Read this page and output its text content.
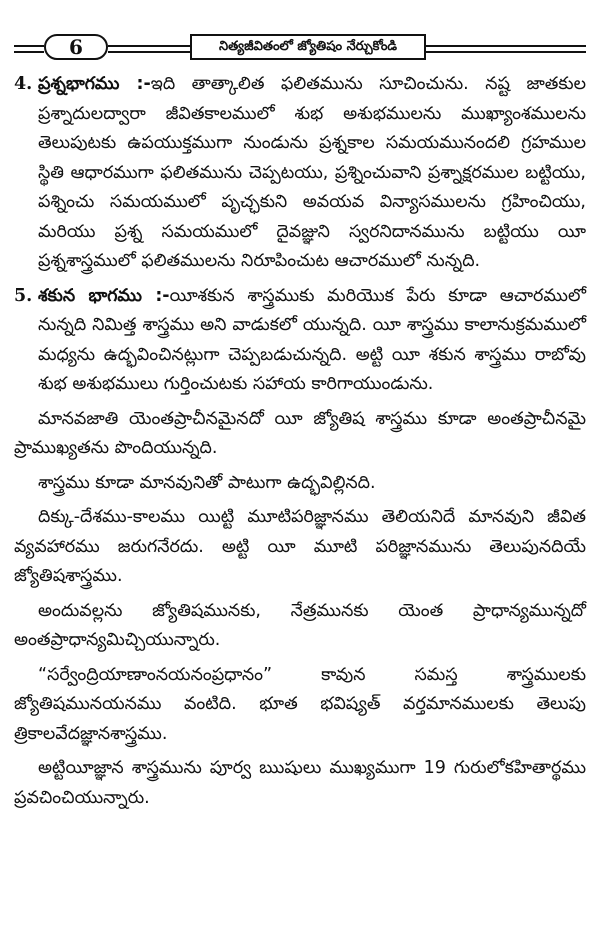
6	నిత్యజీవితంలో జ్యోతిషం నేర్చుకోండి

4. ప్రశ్నభాగము :-ఇది తాత్కాలిత ఫలితమును సూచించును. నష్ట జాతకుల ప్రశ్నాదులద్వారా జీవితకాలములో శుభ అశుభములను ముఖ్యాంశములను తెలుపుటకు ఉపయుక్తముగా నుండును ప్రశ్నకాల సమయమునందలి గ్రహముల స్థితి ఆధారముగా ఫలితమును చెప్పటయు, ప్రశ్నించువాని ప్రశ్నాక్షరముల బట్టియు, పశ్నించు సమయములో పృచ్ఛకుని అవయవ విన్యాసములను గ్రహించియు, మరియు ప్రశ్న సమయములో దైవజ్ఞుని స్వరనిదానమును బట్టియు యీ ప్రశ్నశాస్త్రములో ఫలితములను నిరూపించుట ఆచారములో నున్నది.

5. శకున భాగము :-యీశకున శాస్త్రముకు మరియొక పేరు కూడా ఆచారములో నున్నది నిమిత్త శాస్త్రము అని వాడుకలో యున్నది. యీ శాస్త్రము కాలానుక్రమములో మధ్యను ఉద్భవించినట్లుగా చెప్పబడుచున్నది. అట్టి యీ శకున శాస్త్రము రాబోవు శుభ అశుభములు గుర్తించుటకు సహాయ కారిగాయుండును.

మానవజాతి యెంతప్రాచీనమైనదో యీ జ్యోతిష శాస్త్రము కూడా అంతప్రాచీనమై ప్రాముఖ్యతను పొందియున్నది.

శాస్త్రము కూడా మానవునితో పాటుగా ఉద్భవిల్లినది.

దిక్కు-దేశము-కాలము యిట్టి మూటిపరిజ్ఞానము తెలియనిదే మానవుని జీవిత వ్యవహారము జరుగనేరదు. అట్టి యీ మూటి పరిజ్ఞానమును తెలుపునదియే జ్యోతిషశాస్త్రము.

అందువల్లను జ్యోతిషమునకు, నేత్రమునకు యెంత ప్రాధాన్యమున్నదో అంతప్రాధాన్యమిచ్చియున్నారు.

“సర్వేంద్రియాణాంనయనంప్రధానం” కావున సమస్త శాస్త్రములకు జ్యోతిషమునయనము వంటిది. భూత భవిష్యత్ వర్తమానములకు తెలుపు త్రికాలవేదజ్ఞానశాస్త్రము.

అట్టియీజ్ఞాన శాస్త్రమును పూర్వ ఋషులు ముఖ్యముగా 19 గురులోకహితార్థము ప్రవచించియున్నారు.
